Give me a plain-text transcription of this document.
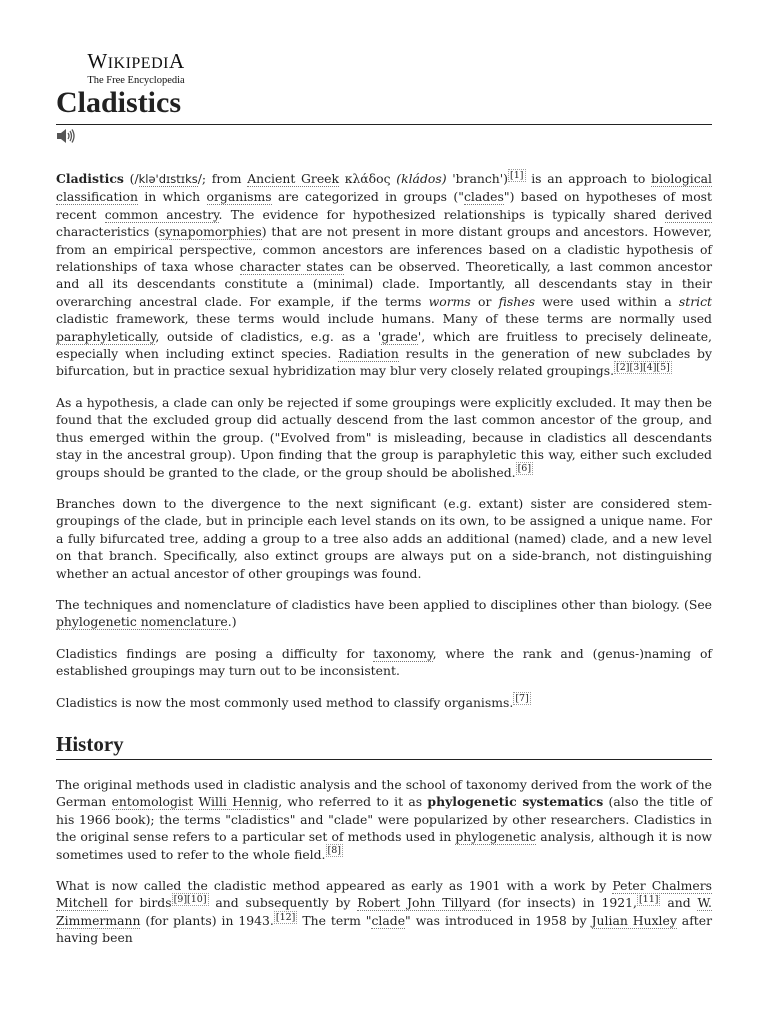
WIKIPEDIA
The Free Encyclopedia
Cladistics

Cladistics (/klə'dɪstɪks/; from Ancient Greek κλάδος (kládos) 'branch') [1] is an approach to biological classification in which organisms are categorized in groups ("clades") based on hypotheses of most recent common ancestry. The evidence for hypothesized relationships is typically shared derived characteristics (synapomorphies) that are not present in more distant groups and ancestors. However, from an empirical perspective, common ancestors are inferences based on a cladistic hypothesis of relationships of taxa whose character states can be observed. Theoretically, a last common ancestor and all its descendants constitute a (minimal) clade. Importantly, all descendants stay in their overarching ancestral clade. For example, if the terms worms or fishes were used within a strict cladistic framework, these terms would include humans. Many of these terms are normally used paraphyletically, outside of cladistics, e.g. as a 'grade', which are fruitless to precisely delineate, especially when including extinct species. Radiation results in the generation of new subclades by bifurcation, but in practice sexual hybridization may blur very closely related groupings. [2][3][4][5]

As a hypothesis, a clade can only be rejected if some groupings were explicitly excluded. It may then be found that the excluded group did actually descend from the last common ancestor of the group, and thus emerged within the group. ("Evolved from" is misleading, because in cladistics all descendants stay in the ancestral group). Upon finding that the group is paraphyletic this way, either such excluded groups should be granted to the clade, or the group should be abolished. [6]

Branches down to the divergence to the next significant (e.g. extant) sister are considered stem-groupings of the clade, but in principle each level stands on its own, to be assigned a unique name. For a fully bifurcated tree, adding a group to a tree also adds an additional (named) clade, and a new level on that branch. Specifically, also extinct groups are always put on a side-branch, not distinguishing whether an actual ancestor of other groupings was found.

The techniques and nomenclature of cladistics have been applied to disciplines other than biology. (See phylogenetic nomenclature.)

Cladistics findings are posing a difficulty for taxonomy, where the rank and (genus-)naming of established groupings may turn out to be inconsistent.

Cladistics is now the most commonly used method to classify organisms. [7]

History

The original methods used in cladistic analysis and the school of taxonomy derived from the work of the German entomologist Willi Hennig, who referred to it as phylogenetic systematics (also the title of his 1966 book); the terms "cladistics" and "clade" were popularized by other researchers. Cladistics in the original sense refers to a particular set of methods used in phylogenetic analysis, although it is now sometimes used to refer to the whole field. [8]

What is now called the cladistic method appeared as early as 1901 with a work by Peter Chalmers Mitchell for birds [9][10] and subsequently by Robert John Tillyard (for insects) in 1921, [11] and W. Zimmermann (for plants) in 1943. [12] The term "clade" was introduced in 1958 by Julian Huxley after having been
